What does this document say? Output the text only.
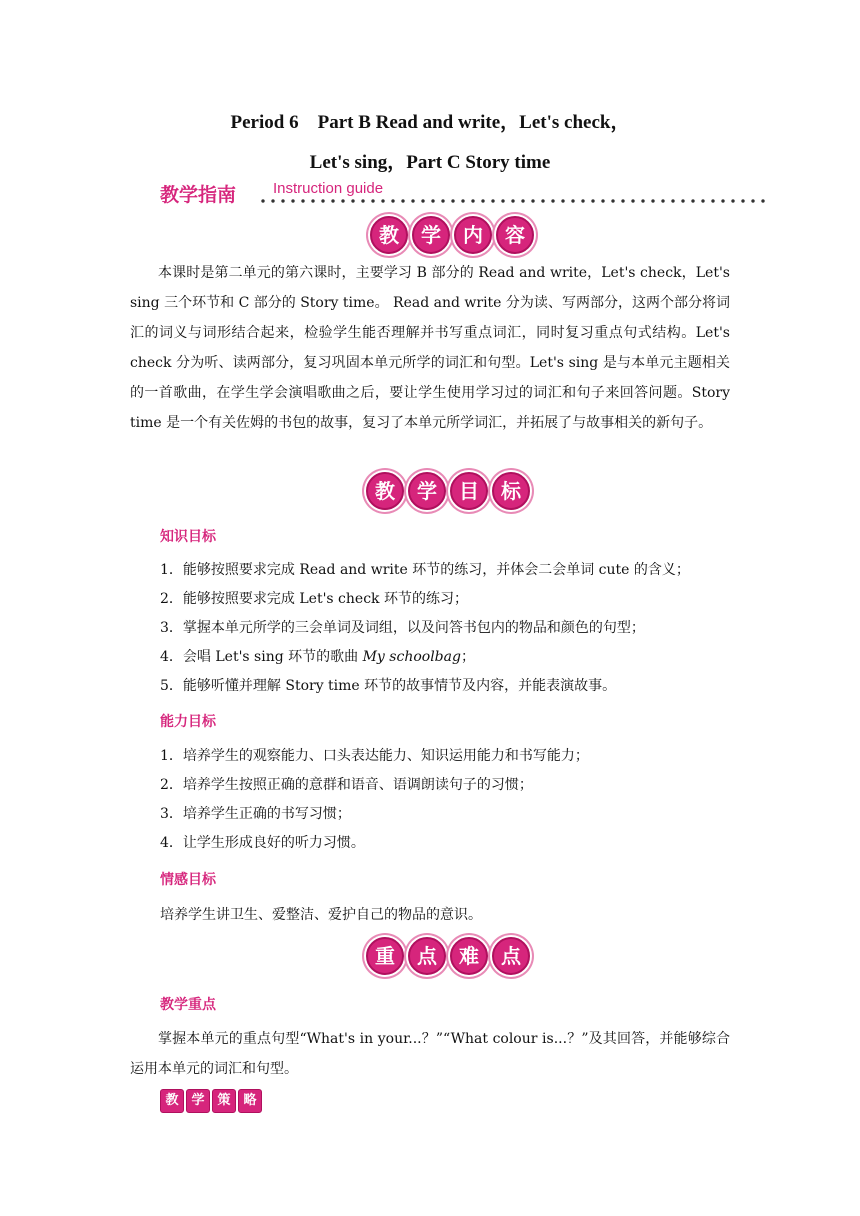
Period 6　Part B Read and write，Let's check，
Let's sing，Part C Story time
教学指南 Instruction guide
教	学	内	容
本课时是第二单元的第六课时，主要学习 B 部分的 Read and write，Let's check，Let's sing 三个环节和 C 部分的 Story time。 Read and write 分为读、写两部分，这两个部分将词汇的词义与词形结合起来，检验学生能否理解并书写重点词汇，同时复习重点句式结构。Let's check 分为听、读两部分，复习巩固本单元所学的词汇和句型。Let's sing 是与本单元主题相关的一首歌曲，在学生学会演唱歌曲之后，要让学生使用学习过的词汇和句子来回答问题。Story time 是一个有关佐姆的书包的故事，复习了本单元所学词汇，并拓展了与故事相关的新句子。
教	学	目	标
知识目标
1．能够按照要求完成 Read and write 环节的练习，并体会二会单词 cute 的含义；
2．能够按照要求完成 Let's check 环节的练习；
3．掌握本单元所学的三会单词及词组，以及问答书包内的物品和颜色的句型；
4．会唱 Let's sing 环节的歌曲 My schoolbag；
5．能够听懂并理解 Story time 环节的故事情节及内容，并能表演故事。
能力目标
1．培养学生的观察能力、口头表达能力、知识运用能力和书写能力；
2．培养学生按照正确的意群和语音、语调朗读句子的习惯；
3．培养学生正确的书写习惯；
4．让学生形成良好的听力习惯。
情感目标
培养学生讲卫生、爱整洁、爱护自己的物品的意识。
重	点	难	点
教学重点
掌握本单元的重点句型“What's in your...？”“What colour is...？”及其回答，并能够综合运用本单元的词汇和句型。
教 学 策 略
